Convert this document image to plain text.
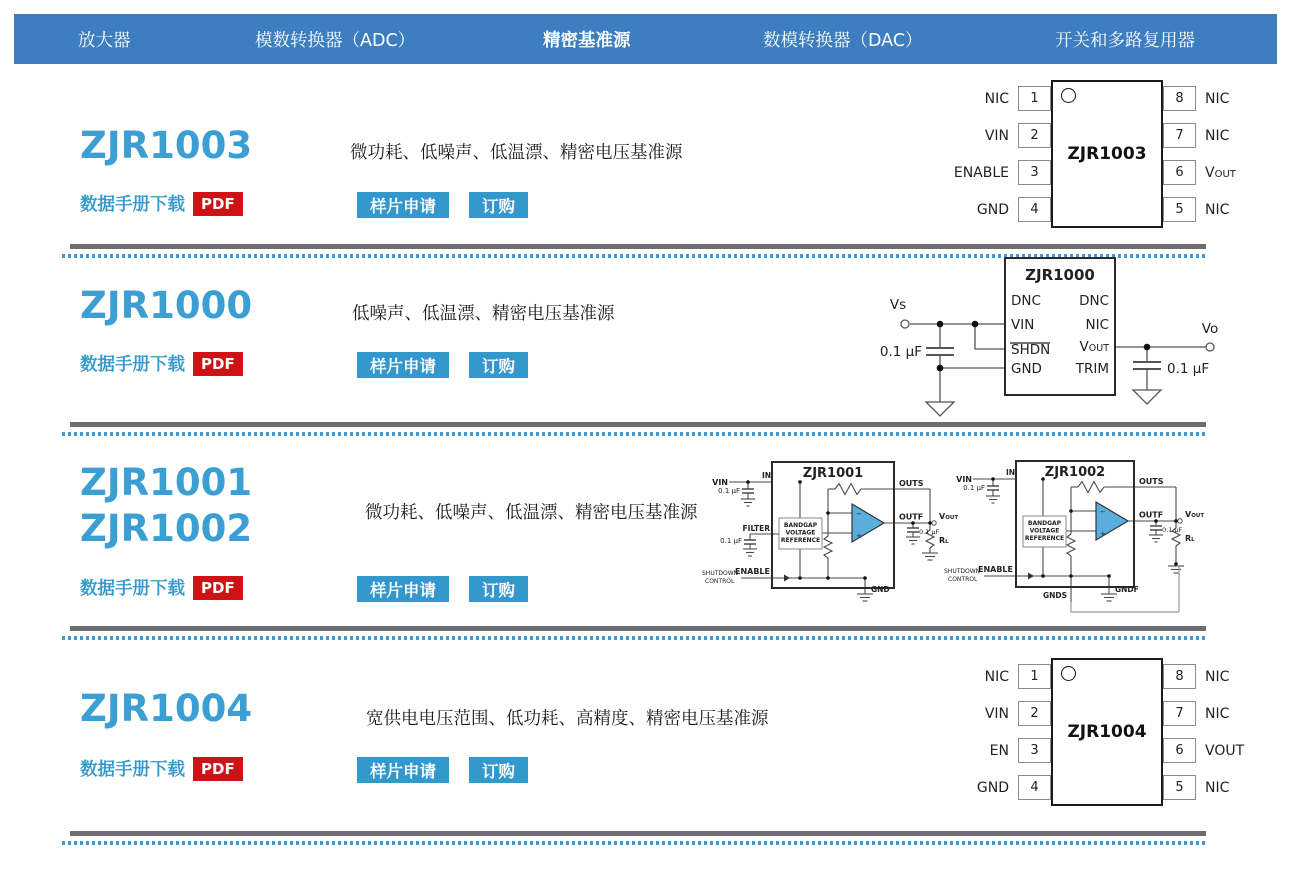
放大器	模数转换器（ADC）	精密基准源	数模转换器（DAC）	开关和多路复用器
ZJR1003	微功耗、低噪声、低温漂、精密电压基准源
数据手册下载	PDF	样片申请	订购
NIC	1
VIN	2
ENABLE	3
GND	4
ZJR1003
8	NIC
7	NIC
6	VOUT
5	NIC
ZJR1000	低噪声、低温漂、精密电压基准源
数据手册下载	PDF	样片申请	订购
ZJR1000
DNC
VIN
SHDN
GND
DNC
NIC
VOUT
TRIM
Vs
0.1 µF
Vo
0.1 µF
ZJR1001
ZJR1002	微功耗、低噪声、低温漂、精密电压基准源
数据手册下载	PDF	样片申请	订购
ZJR1001
VIN
IN
0.1 µF
FILTER
0.1 µF
SHUTDOWN
CONTROL
ENABLE
BANDGAP
VOLTAGE
REFERENCE
−
+
OUTS
OUTF
0.1 µF
VOUT
RL
GND
ZJR1002
VIN
IN
0.1 µF
SHUTDOWN
CONTROL
ENABLE
BANDGAP
VOLTAGE
REFERENCE
−
+
OUTS
OUTF
0.1 µF
VOUT
RL
GNDS
GNDF
ZJR1004	宽供电电压范围、低功耗、高精度、精密电压基准源
数据手册下载	PDF	样片申请	订购
NIC	1
VIN	2
EN	3
GND	4
ZJR1004
8	NIC
7	NIC
6	VOUT
5	NIC
